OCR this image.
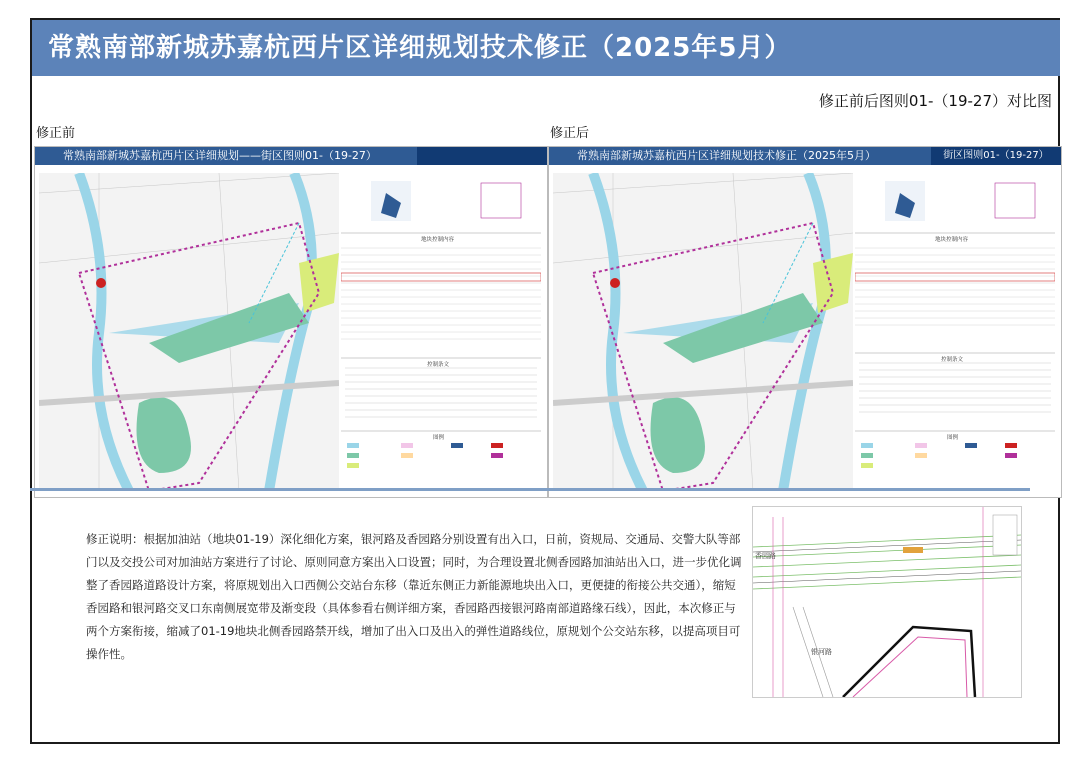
常熟南部新城苏嘉杭西片区详细规划技术修正（2025年5月）
修正前后图则01-（19-27）对比图
修正前
常熟南部新城苏嘉杭西片区详细规划——街区图则01-（19-27）
地块控制内容
控制条文
图例
修正后
常熟南部新城苏嘉杭西片区详细规划技术修正（2025年5月）	街区图则01-（19-27）
地块控制内容
控制条文
图例
修正说明：根据加油站（地块01-19）深化细化方案，银河路及香园路分别设置有出入口，日前，资规局、交通局、交警大队等部门以及交投公司对加油站方案进行了讨论、原则同意方案出入口设置；同时，为合理设置北侧香园路加油站出入口，进一步优化调整了香园路道路设计方案，将原规划出入口西侧公交站台东移（靠近东侧正力新能源地块出入口，更便捷的衔接公共交通），缩短香园路和银河路交叉口东南侧展宽带及渐变段（具体参看右侧详细方案，香园路西接银河路南部道路缘石线），因此，本次修正与两个方案衔接，缩减了01-19地块北侧香园路禁开线，增加了出入口及出入的弹性道路线位，原规划个公交站东移，以提高项目可操作性。
香园路
银河路
